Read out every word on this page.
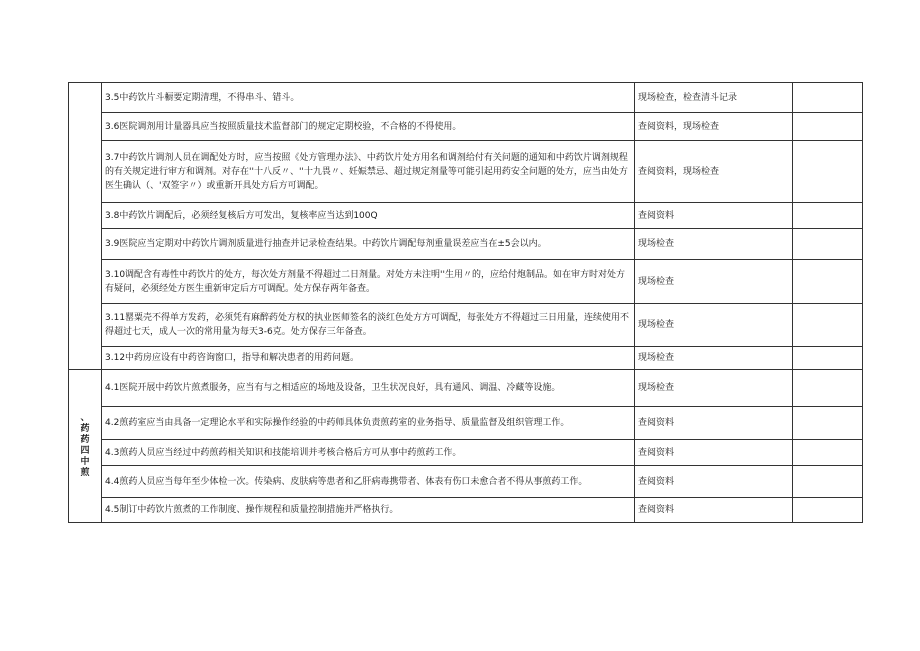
	3.5中药饮片斗橱要定期清理，不得串斗、错斗。	现场检查，检查清斗记录	
	3.6医院调剂用计量器具应当按照质量技术监督部门的规定定期校验，不合格的不得使用。	查阅资料，现场检查	
	3.7中药饮片调剂人员在调配处方时，应当按照《处方管理办法》、中药饮片处方用名和调剂给付有关问题的通知和中药饮片调剂规程的有关规定进行审方和调剂。对存在''十八反〃、''十九畏〃、妊娠禁忌、超过规定剂量等可能引起用药安全问题的处方，应当由处方医生确认（、'双签字〃）或重新开具处方后方可调配。	查阅资料，现场检查	
	3.8中药饮片调配后，必须经复核后方可发出，复核率应当达到100Q	查阅资料	
	3.9医院应当定期对中药饮片调剂质量进行抽查并记录检查结果。中药饮片调配每剂重量误差应当在±5会以内。	现场检查	
	3.10调配含有毒性中药饮片的处方，每次处方剂量不得超过二日剂量。对处方未注明''生用〃的，应给付炮制品。如在审方时对处方有疑问，必须经处方医生重新审定后方可调配。处方保存两年备查。	现场检查	
	3.11罂粟壳不得单方发药，必须凭有麻醉药处方权的执业医师签名的淡红色处方方可调配，每张处方不得超过三日用量，连续使用不得超过七天，成人一次的常用量为每天3-6克。处方保存三年备查。	现场检查	
	3.12中药房应设有中药咨询窗口，指导和解决患者的用药问题。	现场检查	
、药药四中煎	4.1医院开展中药饮片煎煮服务，应当有与之相适应的场地及设备，卫生状况良好，具有通风、调温、冷藏等设施。	现场检查	
	4.2煎药室应当由具备一定理论水平和实际操作经验的中药师具体负责煎药室的业务指导、质量监督及组织管理工作。	查阅资料	
	4.3煎药人员应当经过中药煎药相关知识和技能培训并考核合格后方可从事中药煎药工作。	查阅资料	
	4.4煎药人员应当每年至少体检一次。传染病、皮肤病等患者和乙肝病毒携带者、体表有伤口未愈合者不得从事煎药工作。	查阅资料	
	4.5制订中药饮片煎煮的工作制度、操作规程和质量控制措施并严格执行。	查阅资料	
